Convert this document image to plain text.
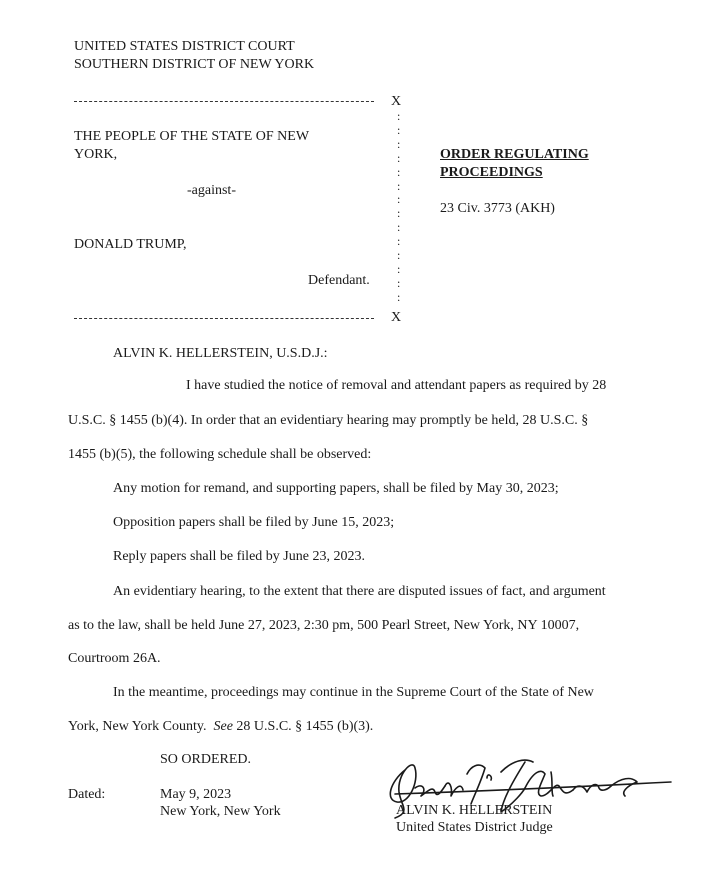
UNITED STATES DISTRICT COURT
SOUTHERN DISTRICT OF NEW YORK
X
:
:
:
:
:
:
:
:
:
:
:
:
:
:
THE PEOPLE OF THE STATE OF NEW
YORK,
-against-
DONALD TRUMP,
Defendant.
X
ORDER REGULATING
PROCEEDINGS
23 Civ. 3773 (AKH)
ALVIN K. HELLERSTEIN, U.S.D.J.:
I have studied the notice of removal and attendant papers as required by 28
U.S.C. § 1455 (b)(4). In order that an evidentiary hearing may promptly be held, 28 U.S.C. §
1455 (b)(5), the following schedule shall be observed:
Any motion for remand, and supporting papers, shall be filed by May 30, 2023;
Opposition papers shall be filed by June 15, 2023;
Reply papers shall be filed by June 23, 2023.
An evidentiary hearing, to the extent that there are disputed issues of fact, and argument
as to the law, shall be held June 27, 2023, 2:30 pm, 500 Pearl Street, New York, NY 10007,
Courtroom 26A.
In the meantime, proceedings may continue in the Supreme Court of the State of New
York, New York County. See 28 U.S.C. § 1455 (b)(3).
SO ORDERED.
Dated:	May 9, 2023
New York, New York	ALVIN K. HELLERSTEIN
United States District Judge
